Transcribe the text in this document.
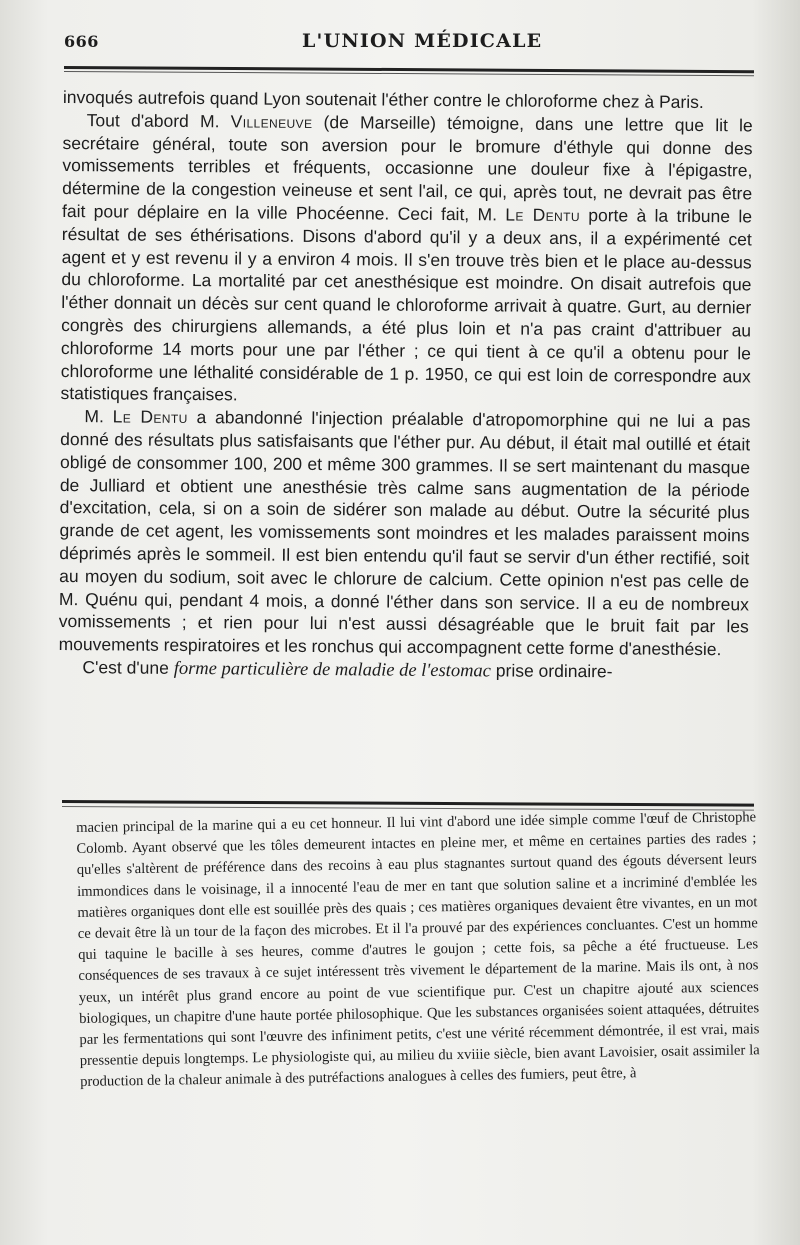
666	L'UNION MÉDICALE

invoqués autrefois quand Lyon soutenait l'éther contre le chloroforme chez à Paris.

Tout d'abord M. Villeneuve (de Marseille) témoigne, dans une lettre que lit le secrétaire général, toute son aversion pour le bromure d'éthyle qui donne des vomissements terribles et fréquents, occasionne une douleur fixe à l'épigastre, détermine de la congestion veineuse et sent l'ail, ce qui, après tout, ne devrait pas être fait pour déplaire en la ville Phocéenne. Ceci fait, M. Le Dentu porte à la tribune le résultat de ses éthérisations. Disons d'abord qu'il y a deux ans, il a expérimenté cet agent et y est revenu il y a environ 4 mois. Il s'en trouve très bien et le place au-dessus du chloroforme. La mortalité par cet anesthésique est moindre. On disait autrefois que l'éther donnait un décès sur cent quand le chloroforme arrivait à quatre. Gurt, au dernier congrès des chirurgiens allemands, a été plus loin et n'a pas craint d'attribuer au chloroforme 14 morts pour une par l'éther ; ce qui tient à ce qu'il a obtenu pour le chloroforme une léthalité considérable de 1 p. 1950, ce qui est loin de correspondre aux statistiques françaises.

M. Le Dentu a abandonné l'injection préalable d'atropomorphine qui ne lui a pas donné des résultats plus satisfaisants que l'éther pur. Au début, il était mal outillé et était obligé de consommer 100, 200 et même 300 grammes. Il se sert maintenant du masque de Julliard et obtient une anesthésie très calme sans augmentation de la période d'excitation, cela, si on a soin de sidérer son malade au début. Outre la sécurité plus grande de cet agent, les vomissements sont moindres et les malades paraissent moins déprimés après le sommeil. Il est bien entendu qu'il faut se servir d'un éther rectifié, soit au moyen du sodium, soit avec le chlorure de calcium. Cette opinion n'est pas celle de M. Quénu qui, pendant 4 mois, a donné l'éther dans son service. Il a eu de nombreux vomissements ; et rien pour lui n'est aussi désagréable que le bruit fait par les mouvements respiratoires et les ronchus qui accompagnent cette forme d'anesthésie.

C'est d'une forme particulière de maladie de l'estomac prise ordinaire-

macien principal de la marine qui a eu cet honneur. Il lui vint d'abord une idée simple comme l'œuf de Christophe Colomb. Ayant observé que les tôles demeurent intactes en pleine mer, et même en certaines parties des rades ; qu'elles s'altèrent de préférence dans des recoins à eau plus stagnantes surtout quand des égouts déversent leurs immondices dans le voisinage, il a innocenté l'eau de mer en tant que solution saline et a incriminé d'emblée les matières organiques dont elle est souillée près des quais ; ces matières organiques devaient être vivantes, en un mot ce devait être là un tour de la façon des microbes. Et il l'a prouvé par des expériences concluantes. C'est un homme qui taquine le bacille à ses heures, comme d'autres le goujon ; cette fois, sa pêche a été fructueuse. Les conséquences de ses travaux à ce sujet intéressent très vivement le département de la marine. Mais ils ont, à nos yeux, un intérêt plus grand encore au point de vue scientifique pur. C'est un chapitre ajouté aux sciences biologiques, un chapitre d'une haute portée philosophique. Que les substances organisées soient attaquées, détruites par les fermentations qui sont l'œuvre des infiniment petits, c'est une vérité récemment démontrée, il est vrai, mais pressentie depuis longtemps. Le physiologiste qui, au milieu du xviiie siècle, bien avant Lavoisier, osait assimiler la production de la chaleur animale à des putréfactions analogues à celles des fumiers, peut être, à
